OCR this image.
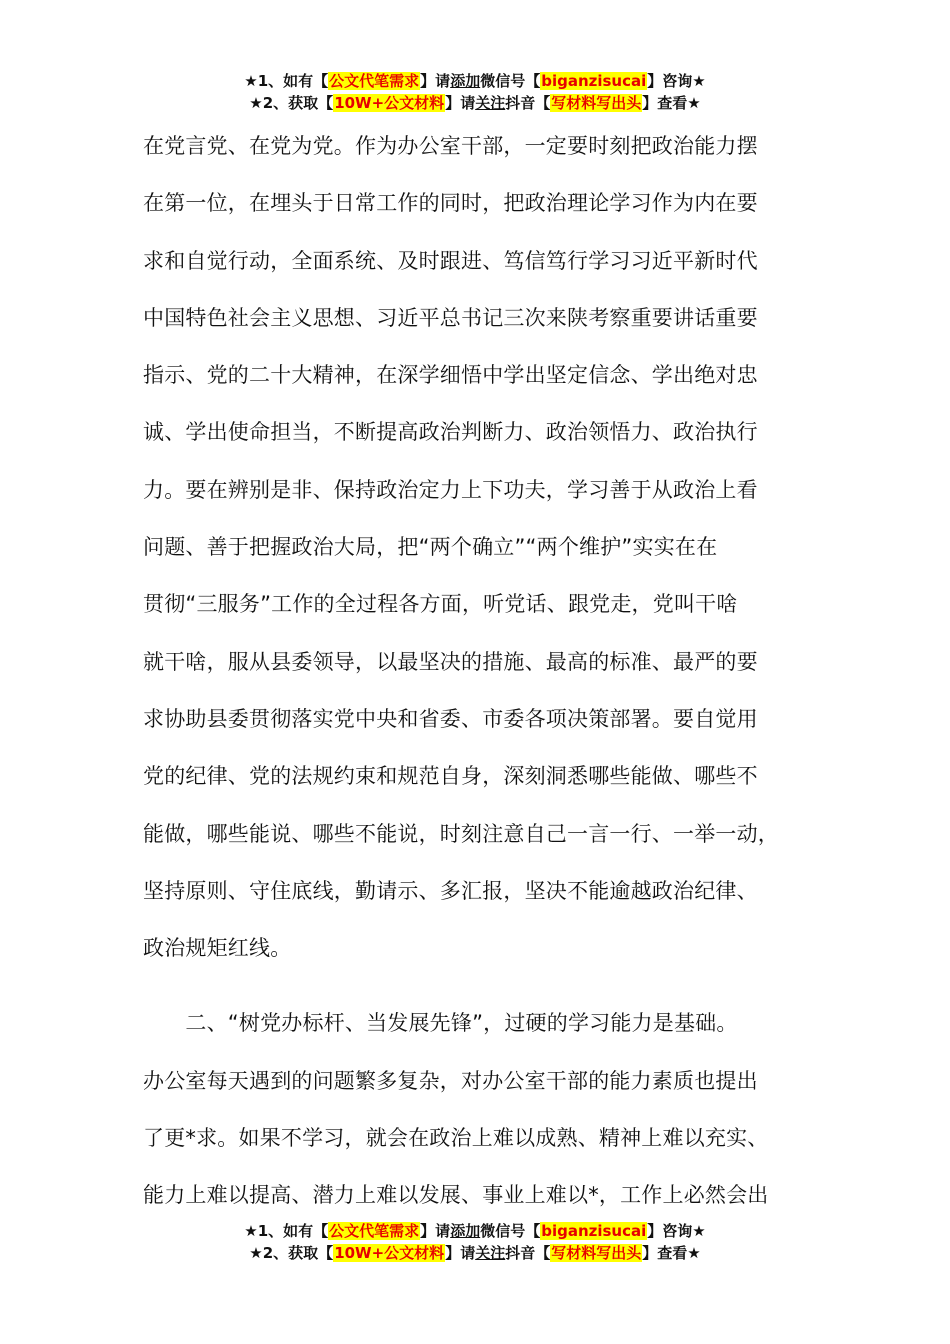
★1、如有【公文代笔需求】请添加微信号【biganzisucai】咨询★
★2、获取【10W+公文材料】请关注抖音【写材料写出头】查看★
在党言党、在党为党。作为办公室干部，一定要时刻把政治能力摆
在第一位，在埋头于日常工作的同时，把政治理论学习作为内在要
求和自觉行动，全面系统、及时跟进、笃信笃行学习习近平新时代
中国特色社会主义思想、习近平总书记三次来陕考察重要讲话重要
指示、党的二十大精神，在深学细悟中学出坚定信念、学出绝对忠
诚、学出使命担当，不断提高政治判断力、政治领悟力、政治执行
力。要在辨别是非、保持政治定力上下功夫，学习善于从政治上看
问题、善于把握政治大局，把“两个确立”“两个维护”实实在在
贯彻“三服务”工作的全过程各方面，听党话、跟党走，党叫干啥
就干啥，服从县委领导，以最坚决的措施、最高的标准、最严的要
求协助县委贯彻落实党中央和省委、市委各项决策部署。要自觉用
党的纪律、党的法规约束和规范自身，深刻洞悉哪些能做、哪些不
能做，哪些能说、哪些不能说，时刻注意自己一言一行、一举一动，
坚持原则、守住底线，勤请示、多汇报，坚决不能逾越政治纪律、
政治规矩红线。
　　二、“树党办标杆、当发展先锋”，过硬的学习能力是基础。
办公室每天遇到的问题繁多复杂，对办公室干部的能力素质也提出
了更*求。如果不学习，就会在政治上难以成熟、精神上难以充实、
能力上难以提高、潜力上难以发展、事业上难以*，工作上必然会出
★1、如有【公文代笔需求】请添加微信号【biganzisucai】咨询★
★2、获取【10W+公文材料】请关注抖音【写材料写出头】查看★
